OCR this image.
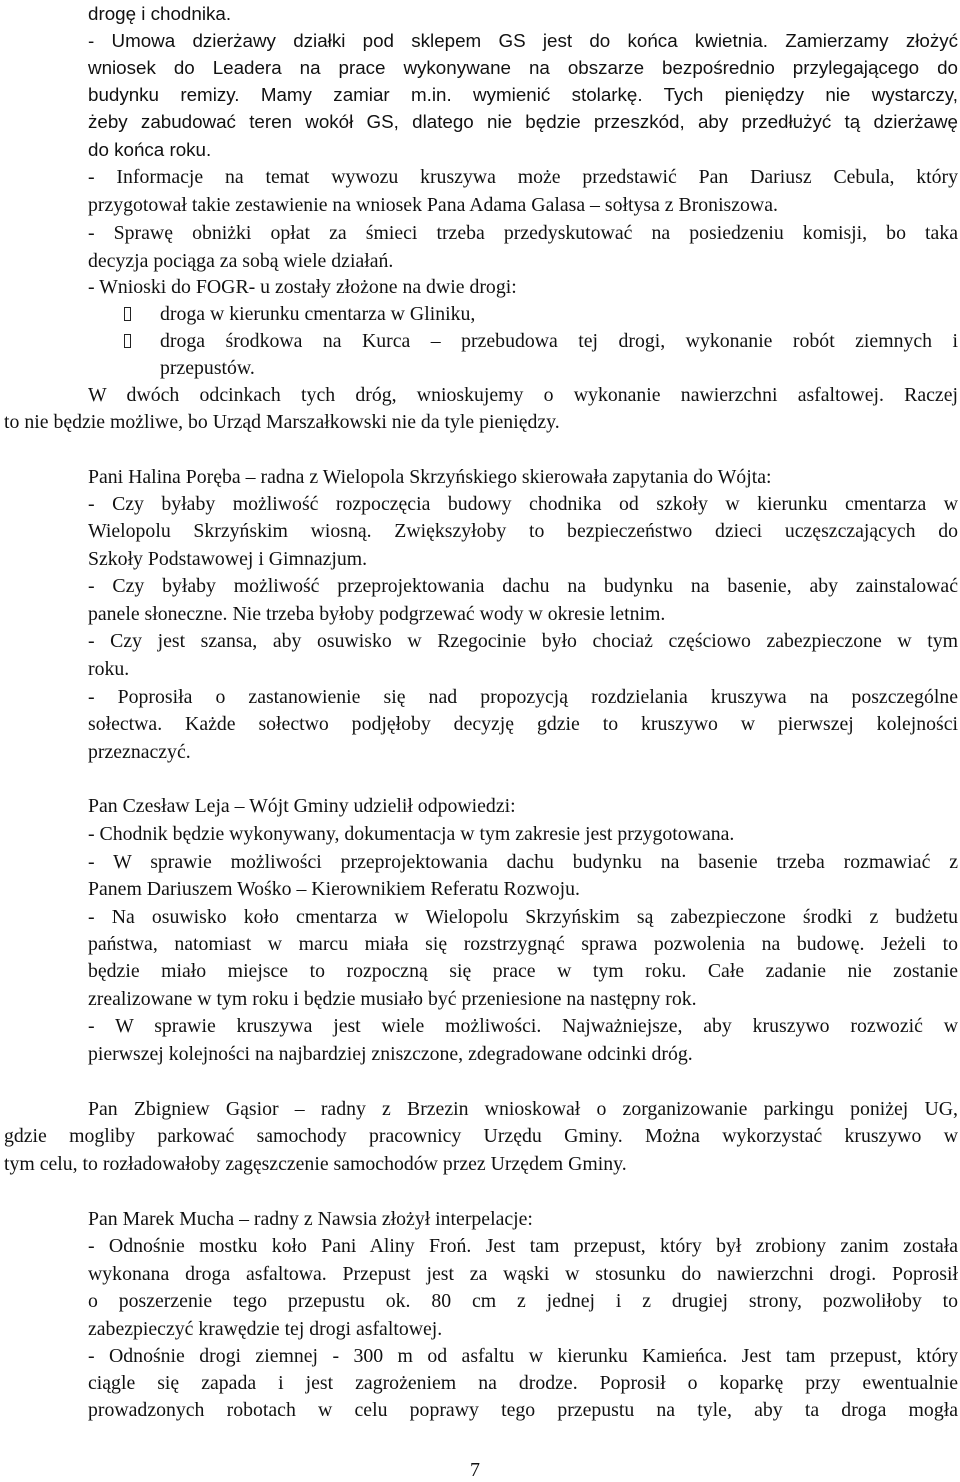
drogę i chodnika.
- Umowa dzierżawy działki pod sklepem GS jest do końca kwietnia. Zamierzamy złożyć
wniosek do Leadera na prace wykonywane na obszarze bezpośrednio przylegającego do
budynku remizy. Mamy zamiar m.in. wymienić stolarkę. Tych pieniędzy nie wystarczy,
żeby zabudować teren wokół GS, dlatego nie będzie przeszkód, aby przedłużyć tą dzierżawę
do końca roku.
- Informacje na temat wywozu kruszywa może przedstawić Pan Dariusz Cebula, który
przygotował takie zestawienie na wniosek Pana Adama Galasa – sołtysa z Broniszowa.
- Sprawę obniżki opłat za śmieci trzeba przedyskutować na posiedzeniu komisji, bo taka
decyzja pociąga za sobą wiele działań.
- Wnioski do FOGR- u zostały złożone na dwie drogi:
droga w kierunku cmentarza w Gliniku,
droga środkowa na Kurca – przebudowa tej drogi, wykonanie robót ziemnych i
przepustów.
W dwóch odcinkach tych dróg, wnioskujemy o wykonanie nawierzchni asfaltowej. Raczej
to nie będzie możliwe, bo Urząd Marszałkowski nie da tyle pieniędzy.
Pani Halina Poręba – radna z Wielopola Skrzyńskiego skierowała zapytania do Wójta:
- Czy byłaby możliwość rozpoczęcia budowy chodnika od szkoły w kierunku cmentarza w
Wielopolu Skrzyńskim wiosną. Zwiększyłoby to bezpieczeństwo dzieci uczęszczających do
Szkoły Podstawowej i Gimnazjum.
- Czy byłaby możliwość przeprojektowania dachu na budynku na basenie, aby zainstalować
panele słoneczne. Nie trzeba byłoby podgrzewać wody w okresie letnim.
- Czy jest szansa, aby osuwisko w Rzegocinie było chociaż częściowo zabezpieczone w tym
roku.
- Poprosiła o zastanowienie się nad propozycją rozdzielania kruszywa na poszczególne
sołectwa. Każde sołectwo podjęłoby decyzję gdzie to kruszywo w pierwszej kolejności
przeznaczyć.
Pan Czesław Leja – Wójt Gminy udzielił odpowiedzi:
- Chodnik będzie wykonywany, dokumentacja w tym zakresie jest przygotowana.
- W sprawie możliwości przeprojektowania dachu budynku na basenie trzeba rozmawiać z
Panem Dariuszem Wośko – Kierownikiem Referatu Rozwoju.
- Na osuwisko koło cmentarza w Wielopolu Skrzyńskim są zabezpieczone środki z budżetu
państwa, natomiast w marcu miała się rozstrzygnąć sprawa pozwolenia na budowę. Jeżeli to
będzie miało miejsce to rozpoczną się prace w tym roku. Całe zadanie nie zostanie
zrealizowane w tym roku i będzie musiało być przeniesione na następny rok.
- W sprawie kruszywa jest wiele możliwości. Najważniejsze, aby kruszywo rozwozić w
pierwszej kolejności na najbardziej zniszczone, zdegradowane odcinki dróg.
Pan Zbigniew Gąsior – radny z Brzezin wnioskował o zorganizowanie parkingu poniżej UG,
gdzie mogliby parkować samochody pracownicy Urzędu Gminy. Można wykorzystać kruszywo w
tym celu, to rozładowałoby zagęszczenie samochodów przez Urzędem Gminy.
Pan Marek Mucha – radny z Nawsia złożył interpelacje:
- Odnośnie mostku koło Pani Aliny Froń. Jest tam przepust, który był zrobiony zanim została
wykonana droga asfaltowa. Przepust jest za wąski w stosunku do nawierzchni drogi. Poprosił
o poszerzenie tego przepustu ok. 80 cm z jednej i z drugiej strony, pozwoliłoby to
zabezpieczyć krawędzie tej drogi asfaltowej.
- Odnośnie drogi ziemnej - 300 m od asfaltu w kierunku Kamieńca. Jest tam przepust, który
ciągle się zapada i jest zagrożeniem na drodze. Poprosił o koparkę przy ewentualnie
prowadzonych robotach w celu poprawy tego przepustu na tyle, aby ta droga mogła
7
